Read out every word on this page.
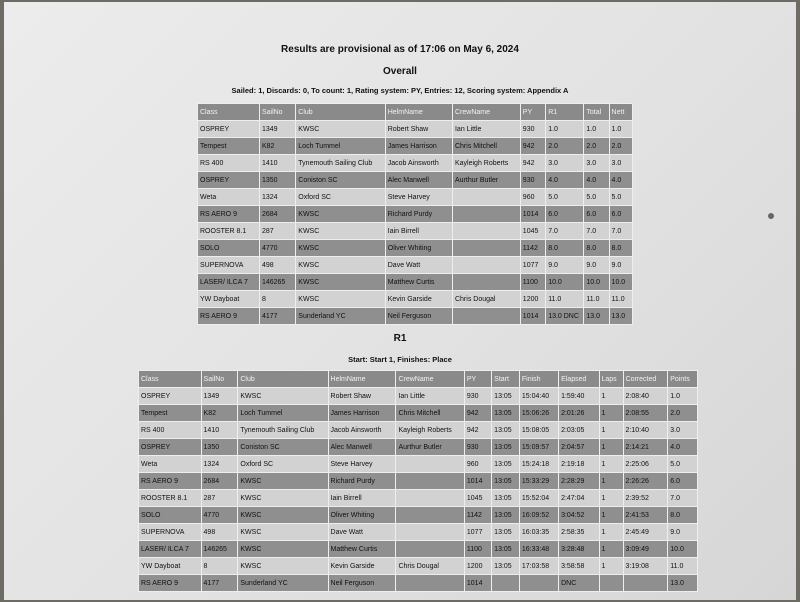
Results are provisional as of 17:06 on May 6, 2024
Overall
Sailed: 1, Discards: 0, To count: 1, Rating system: PY, Entries: 12, Scoring system: Appendix A
Class	SailNo	Club	HelmName	CrewName	PY	R1	Total	Nett
OSPREY	1349	KWSC	Robert Shaw	Ian Little	930	1.0	1.0	1.0
Tempest	K82	Loch Tummel	James Harrison	Chris Mitchell	942	2.0	2.0	2.0
RS 400	1410	Tynemouth Sailing Club	Jacob Ainsworth	Kayleigh Roberts	942	3.0	3.0	3.0
OSPREY	1350	Coniston SC	Alec Manwell	Aurthur Butler	930	4.0	4.0	4.0
Weta	1324	Oxford SC	Steve Harvey		960	5.0	5.0	5.0
RS AERO 9	2684	KWSC	Richard Purdy		1014	6.0	6.0	6.0
ROOSTER 8.1	287	KWSC	Iain Birrell		1045	7.0	7.0	7.0
SOLO	4770	KWSC	Oliver Whiting		1142	8.0	8.0	8.0
SUPERNOVA	498	KWSC	Dave Watt		1077	9.0	9.0	9.0
LASER/ ILCA 7	146265	KWSC	Matthew Curtis		1100	10.0	10.0	10.0
YW Dayboat	8	KWSC	Kevin Garside	Chris Dougal	1200	11.0	11.0	11.0
RS AERO 9	4177	Sunderland YC	Neil Ferguson		1014	13.0 DNC	13.0	13.0
R1
Start: Start 1, Finishes: Place
Class	SailNo	Club	HelmName	CrewName	PY	Start	Finish	Elapsed	Laps	Corrected	Points
OSPREY	1349	KWSC	Robert Shaw	Ian Little	930	13:05	15:04:40	1:59:40	1	2:08:40	1.0
Tempest	K82	Loch Tummel	James Harrison	Chris Mitchell	942	13:05	15:06:26	2:01:26	1	2:08:55	2.0
RS 400	1410	Tynemouth Sailing Club	Jacob Ainsworth	Kayleigh Roberts	942	13:05	15:08:05	2:03:05	1	2:10:40	3.0
OSPREY	1350	Coniston SC	Alec Manwell	Aurthur Butler	930	13:05	15:09:57	2:04:57	1	2:14:21	4.0
Weta	1324	Oxford SC	Steve Harvey		960	13:05	15:24:18	2:19:18	1	2:25:06	5.0
RS AERO 9	2684	KWSC	Richard Purdy		1014	13:05	15:33:29	2:28:29	1	2:26:26	6.0
ROOSTER 8.1	287	KWSC	Iain Birrell		1045	13:05	15:52:04	2:47:04	1	2:39:52	7.0
SOLO	4770	KWSC	Oliver Whiting		1142	13:05	16:09:52	3:04:52	1	2:41:53	8.0
SUPERNOVA	498	KWSC	Dave Watt		1077	13:05	16:03:35	2:58:35	1	2:45:49	9.0
LASER/ ILCA 7	146265	KWSC	Matthew Curtis		1100	13:05	16:33:48	3:28:48	1	3:09:49	10.0
YW Dayboat	8	KWSC	Kevin Garside	Chris Dougal	1200	13:05	17:03:58	3:58:58	1	3:19:08	11.0
RS AERO 9	4177	Sunderland YC	Neil Ferguson		1014			DNC			13.0
